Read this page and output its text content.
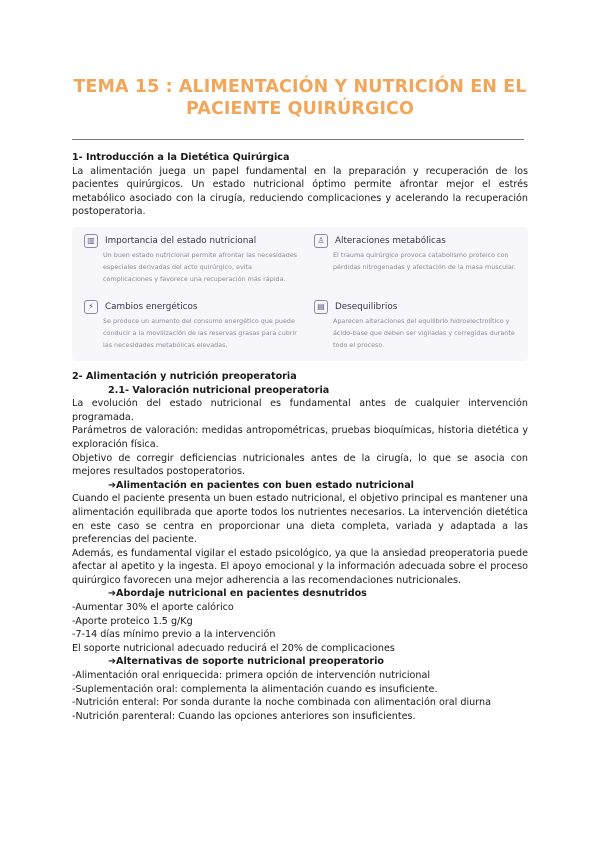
TEMA 15 : ALIMENTACIÓN Y NUTRICIÓN EN EL
PACIENTE QUIRÚRGICO
1- Introducción a la Dietética Quirúrgica

La alimentación juega un papel fundamental en la preparación y recuperación de los pacientes quirúrgicos. Un estado nutricional óptimo permite afrontar mejor el estrés metabólico asociado con la cirugía, reduciendo complicaciones y acelerando la recuperación postoperatoria.

▥	Importancia del estado nutricional
Un buen estado nutricional permite afrontar las necesidades especiales derivadas del acto quirúrgico, evita complicaciones y favorece una recuperación más rápida.
♙	Alteraciones metabólicas
El trauma quirúrgico provoca catabolismo proteico con pérdidas nitrogenadas y afectación de la masa muscular.
⚡	Cambios energéticos
Se produce un aumento del consumo energético que puede conducir a la movilización de las reservas grasas para cubrir las necesidades metabólicas elevadas.
▤	Desequilibrios
Aparecen alteraciones del equilibrio hidroelectrolítico y ácido-base que deben ser vigiladas y corregidas durante todo el proceso.
2- Alimentación y nutrición preoperatoria
2.1- Valoración nutricional preoperatoria

La evolución del estado nutricional es fundamental antes de cualquier intervención programada.

Parámetros de valoración: medidas antropométricas, pruebas bioquímicas, historia dietética y exploración física.

Objetivo de corregir deficiencias nutricionales antes de la cirugía, lo que se asocia con mejores resultados postoperatorios.

➔Alimentación en pacientes con buen estado nutricional

Cuando el paciente presenta un buen estado nutricional, el objetivo principal es mantener una alimentación equilibrada que aporte todos los nutrientes necesarios. La intervención dietética en este caso se centra en proporcionar una dieta completa, variada y adaptada a las preferencias del paciente.

Además, es fundamental vigilar el estado psicológico, ya que la ansiedad preoperatoria puede afectar al apetito y la ingesta. El apoyo emocional y la información adecuada sobre el proceso quirúrgico favorecen una mejor adherencia a las recomendaciones nutricionales.

➔Abordaje nutricional en pacientes desnutridos

-Aumentar 30% el aporte calórico

-Aporte proteico 1.5 g/Kg

-7-14 días mínimo previo a la intervención

El soporte nutricional adecuado reducirá el 20% de complicaciones

➔Alternativas de soporte nutricional preoperatorio

-Alimentación oral enriquecida: primera opción de intervención nutricional

-Suplementación oral: complementa la alimentación cuando es insuficiente.

-Nutrición enteral: Por sonda durante la noche combinada con alimentación oral diurna

-Nutrición parenteral: Cuando las opciones anteriores son insuficientes.
